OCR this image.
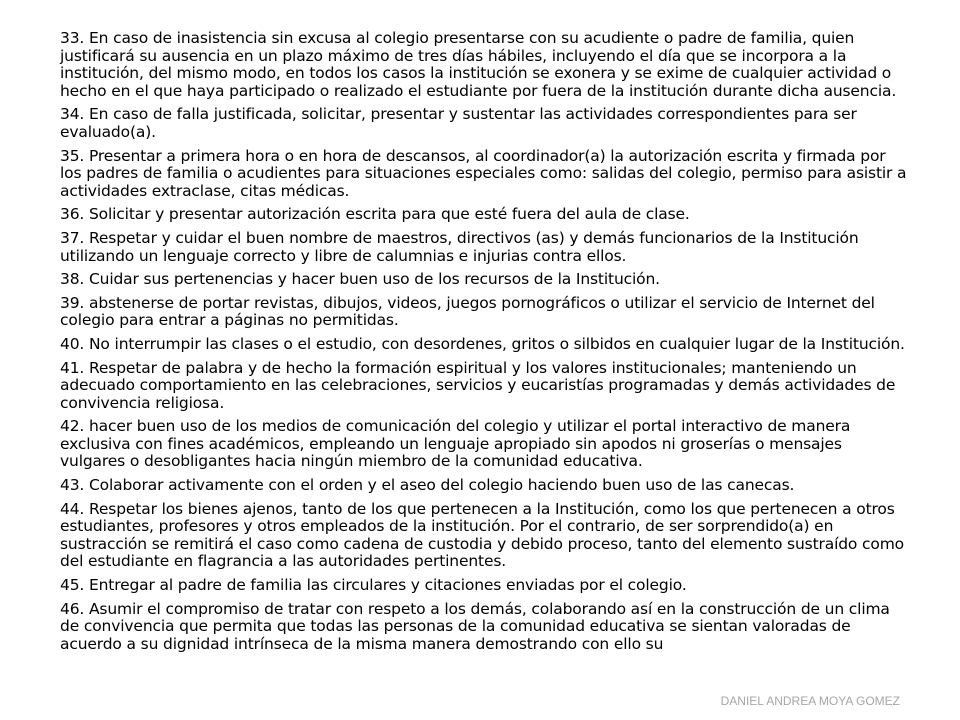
33. En caso de inasistencia sin excusa al colegio presentarse con su acudiente o padre de familia, quien justificará su ausencia en un plazo máximo de tres días hábiles, incluyendo el día que se incorpora a la institución, del mismo modo, en todos los casos la institución se exonera y se exime de cualquier actividad o hecho en el que haya participado o realizado el estudiante por fuera de la institución durante dicha ausencia.

34. En caso de falla justificada, solicitar, presentar y sustentar las actividades correspondientes para ser evaluado(a).

35. Presentar a primera hora o en hora de descansos, al coordinador(a) la autorización escrita y firmada por los padres de familia o acudientes para situaciones especiales como: salidas del colegio, permiso para asistir a actividades extraclase, citas médicas.

36. Solicitar y presentar autorización escrita para que esté fuera del aula de clase.

37. Respetar y cuidar el buen nombre de maestros, directivos (as) y demás funcionarios de la Institución utilizando un lenguaje correcto y libre de calumnias e injurias contra ellos.

38. Cuidar sus pertenencias y hacer buen uso de los recursos de la Institución.

39. abstenerse de portar revistas, dibujos, videos, juegos pornográficos o utilizar el servicio de Internet del colegio para entrar a páginas no permitidas.

40. No interrumpir las clases o el estudio, con desordenes, gritos o silbidos en cualquier lugar de la Institución.

41. Respetar de palabra y de hecho la formación espiritual y los valores institucionales; manteniendo un adecuado comportamiento en las celebraciones, servicios y eucaristías programadas y demás actividades de convivencia religiosa.

42. hacer buen uso de los medios de comunicación del colegio y utilizar el portal interactivo de manera exclusiva con fines académicos, empleando un lenguaje apropiado sin apodos ni groserías o mensajes vulgares o desobligantes hacia ningún miembro de la comunidad educativa.

43. Colaborar activamente con el orden y el aseo del colegio haciendo buen uso de las canecas.

44. Respetar los bienes ajenos, tanto de los que pertenecen a la Institución, como los que pertenecen a otros estudiantes, profesores y otros empleados de la institución. Por el contrario, de ser sorprendido(a) en sustracción se remitirá el caso como cadena de custodia y debido proceso, tanto del elemento sustraído como del estudiante en flagrancia a las autoridades pertinentes.

45. Entregar al padre de familia las circulares y citaciones enviadas por el colegio.

46. Asumir el compromiso de tratar con respeto a los demás, colaborando así en la construcción de un clima de convivencia que permita que todas las personas de la comunidad educativa se sientan valoradas de acuerdo a su dignidad intrínseca de la misma manera demostrando con ello su

DANIEL ANDREA MOYA GOMEZ
